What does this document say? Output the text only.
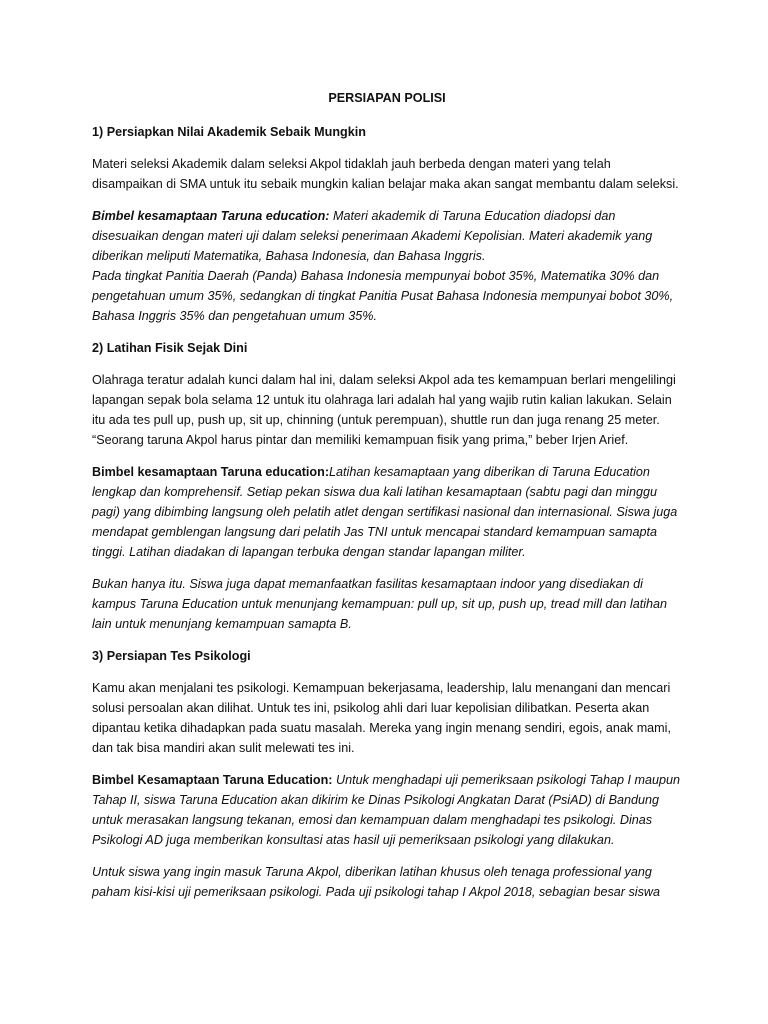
PERSIAPAN POLISI
1) Persiapkan Nilai Akademik Sebaik Mungkin

Materi seleksi Akademik dalam seleksi Akpol tidaklah jauh berbeda dengan materi yang telah disampaikan di SMA untuk itu sebaik mungkin kalian belajar maka akan sangat membantu dalam seleksi.

Bimbel kesamaptaan Taruna education: Materi akademik di Taruna Education diadopsi dan disesuaikan dengan materi uji dalam seleksi penerimaan Akademi Kepolisian. Materi akademik yang diberikan meliputi Matematika, Bahasa Indonesia, dan Bahasa Inggris.
Pada tingkat Panitia Daerah (Panda) Bahasa Indonesia mempunyai bobot 35%, Matematika 30% dan pengetahuan umum 35%, sedangkan di tingkat Panitia Pusat Bahasa Indonesia mempunyai bobot 30%, Bahasa Inggris 35% dan pengetahuan umum 35%.

2) Latihan Fisik Sejak Dini

Olahraga teratur adalah kunci dalam hal ini, dalam seleksi Akpol ada tes kemampuan berlari mengelilingi lapangan sepak bola selama 12 untuk itu olahraga lari adalah hal yang wajib rutin kalian lakukan. Selain itu ada tes pull up, push up, sit up, chinning (untuk perempuan), shuttle run dan juga renang 25 meter. “Seorang taruna Akpol harus pintar dan memiliki kemampuan fisik yang prima,” beber Irjen Arief.

Bimbel kesamaptaan Taruna education:Latihan kesamaptaan yang diberikan di Taruna Education lengkap dan komprehensif. Setiap pekan siswa dua kali latihan kesamaptaan (sabtu pagi dan minggu pagi) yang dibimbing langsung oleh pelatih atlet dengan sertifikasi nasional dan internasional. Siswa juga mendapat gemblengan langsung dari pelatih Jas TNI untuk mencapai standard kemampuan samapta tinggi. Latihan diadakan di lapangan terbuka dengan standar lapangan militer.

Bukan hanya itu. Siswa juga dapat memanfaatkan fasilitas kesamaptaan indoor yang disediakan di kampus Taruna Education untuk menunjang kemampuan: pull up, sit up, push up, tread mill dan latihan lain untuk menunjang kemampuan samapta B.

3) Persiapan Tes Psikologi

Kamu akan menjalani tes psikologi. Kemampuan bekerjasama, leadership, lalu menangani dan mencari solusi persoalan akan dilihat. Untuk tes ini, psikolog ahli dari luar kepolisian dilibatkan. Peserta akan dipantau ketika dihadapkan pada suatu masalah. Mereka yang ingin menang sendiri, egois, anak mami, dan tak bisa mandiri akan sulit melewati tes ini.

Bimbel Kesamaptaan Taruna Education: Untuk menghadapi uji pemeriksaan psikologi Tahap I maupun Tahap II, siswa Taruna Education akan dikirim ke Dinas Psikologi Angkatan Darat (PsiAD) di Bandung untuk merasakan langsung tekanan, emosi dan kemampuan dalam menghadapi tes psikologi. Dinas Psikologi AD juga memberikan konsultasi atas hasil uji pemeriksaan psikologi yang dilakukan.

Untuk siswa yang ingin masuk Taruna Akpol, diberikan latihan khusus oleh tenaga professional yang paham kisi-kisi uji pemeriksaan psikologi. Pada uji psikologi tahap I Akpol 2018, sebagian besar siswa
